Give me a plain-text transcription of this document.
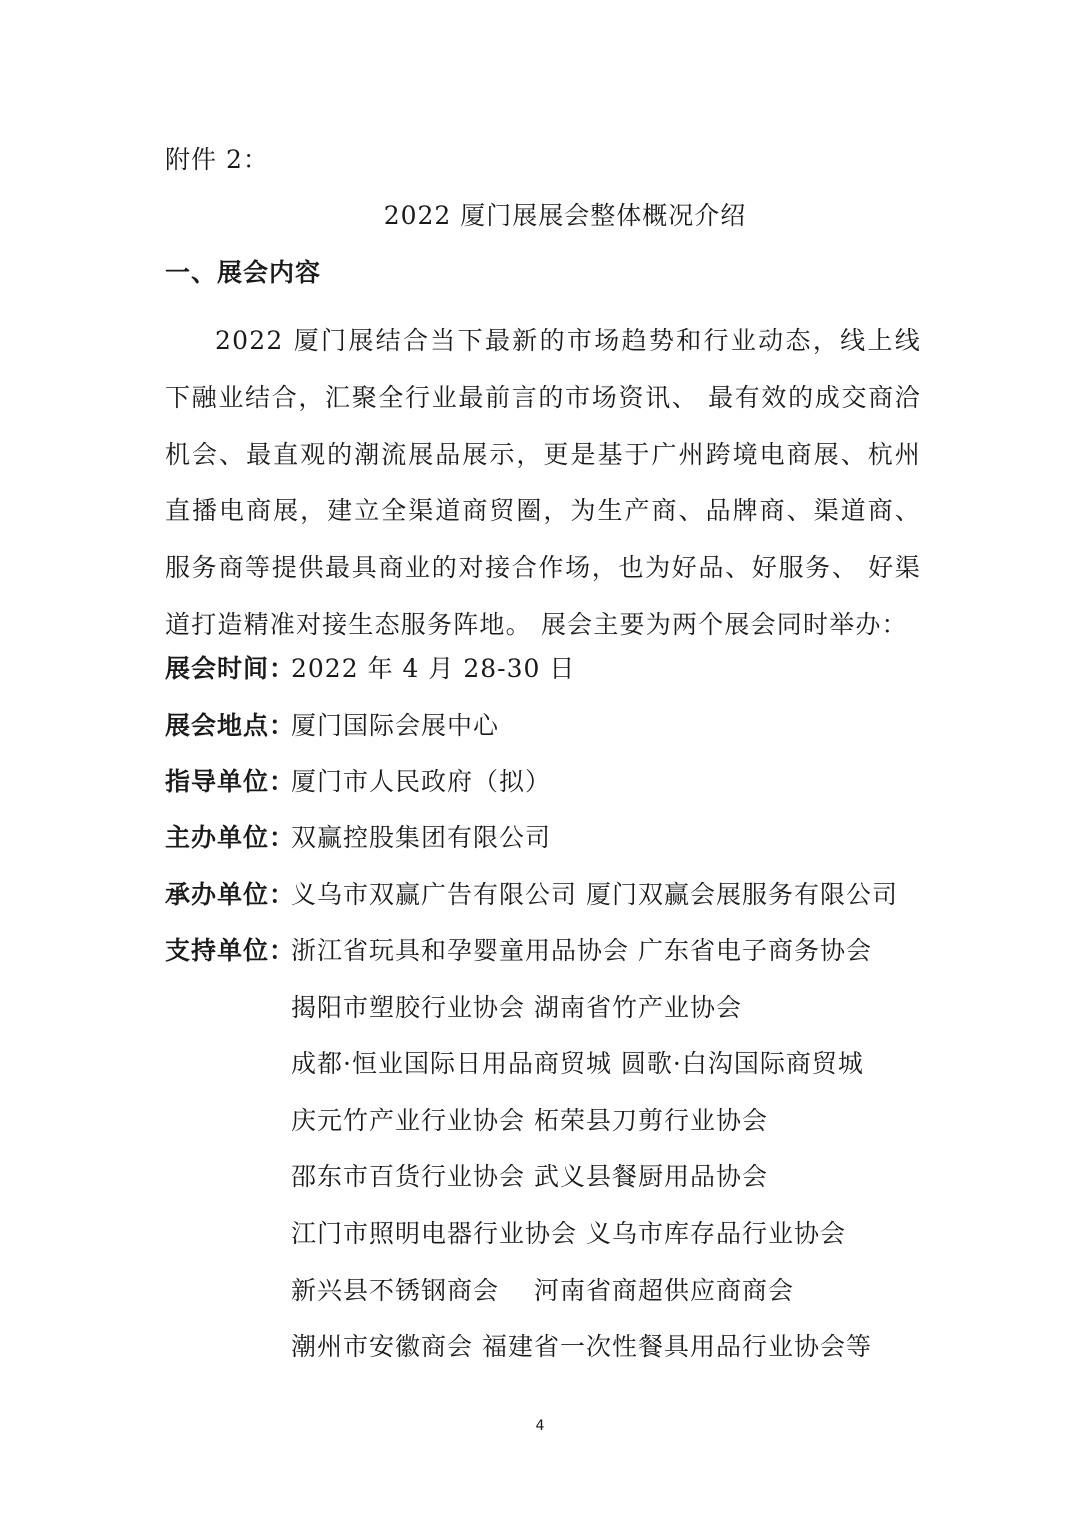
附件 2：
2022 厦门展展会整体概况介绍
一、展会内容
2022 厦门展结合当下最新的市场趋势和行业动态，线上线下融业结合，汇聚全行业最前言的市场资讯、 最有效的成交商洽机会、最直观的潮流展品展示，更是基于广州跨境电商展、杭州直播电商展，建立全渠道商贸圈，为生产商、品牌商、渠道商、服务商等提供最具商业的对接合作场，也为好品、好服务、 好渠道打造精准对接生态服务阵地。 展会主要为两个展会同时举办：
展会时间：2022 年 4 月 28-30 日
展会地点：厦门国际会展中心
指导单位：厦门市人民政府（拟）
主办单位：双赢控股集团有限公司
承办单位：义乌市双赢广告有限公司 厦门双赢会展服务有限公司
支持单位：浙江省玩具和孕婴童用品协会 广东省电子商务协会
揭阳市塑胶行业协会 湖南省竹产业协会
成都·恒业国际日用品商贸城 圆歌·白沟国际商贸城
庆元竹产业行业协会 柘荣县刀剪行业协会
邵东市百货行业协会 武义县餐厨用品协会
江门市照明电器行业协会 义乌市库存品行业协会
新兴县不锈钢商会　 河南省商超供应商商会
潮州市安徽商会 福建省一次性餐具用品行业协会等
4
